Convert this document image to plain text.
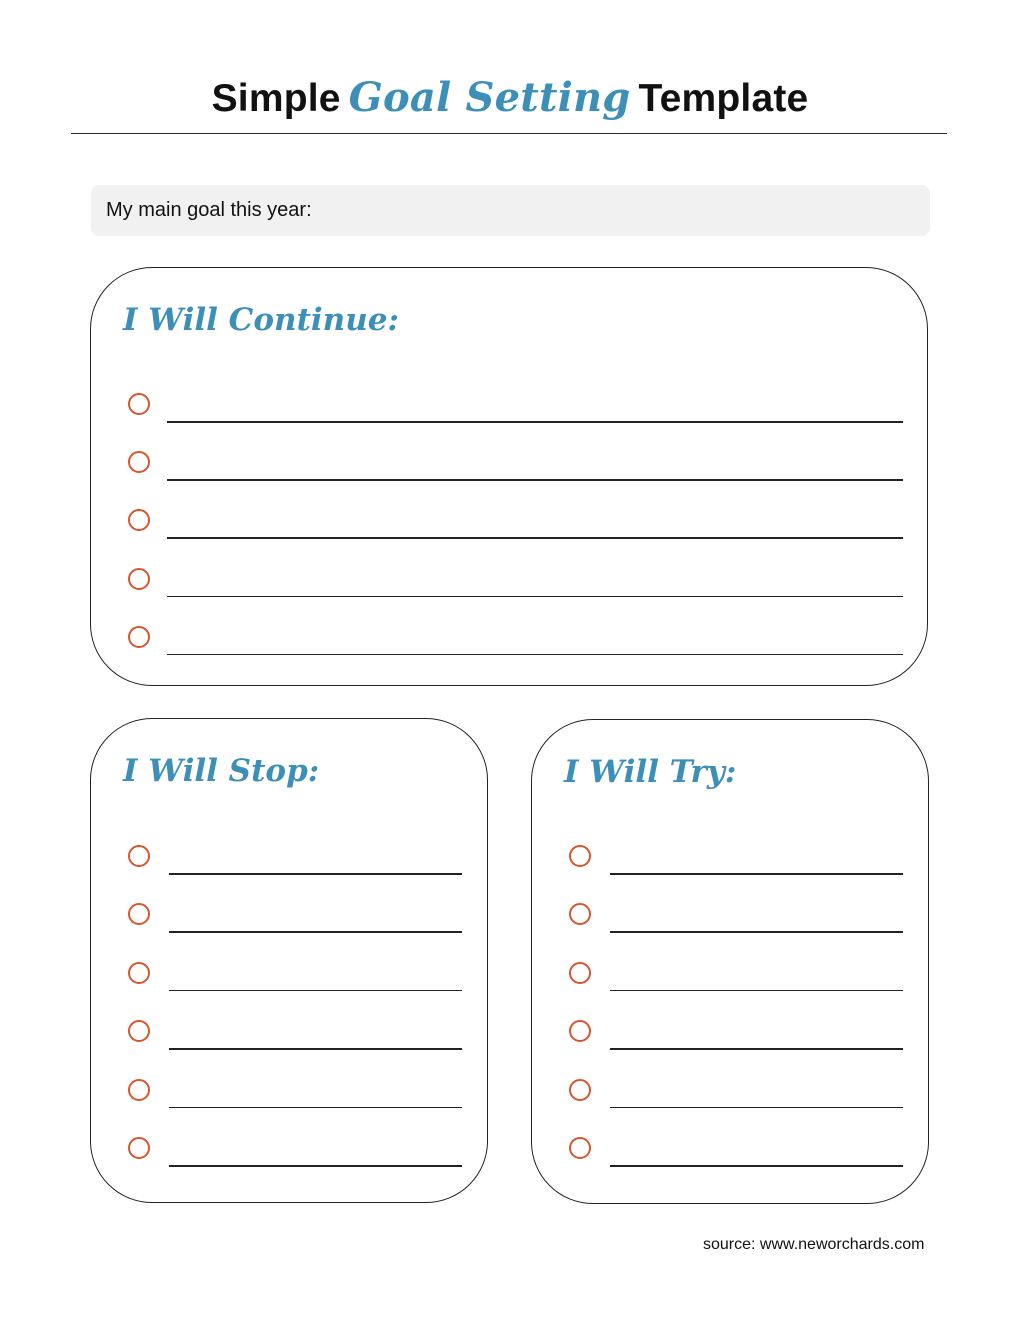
Simple Goal Setting Template
My main goal this year:
I Will Continue:
I Will Stop:	I Will Try:
source: www.neworchards.com
